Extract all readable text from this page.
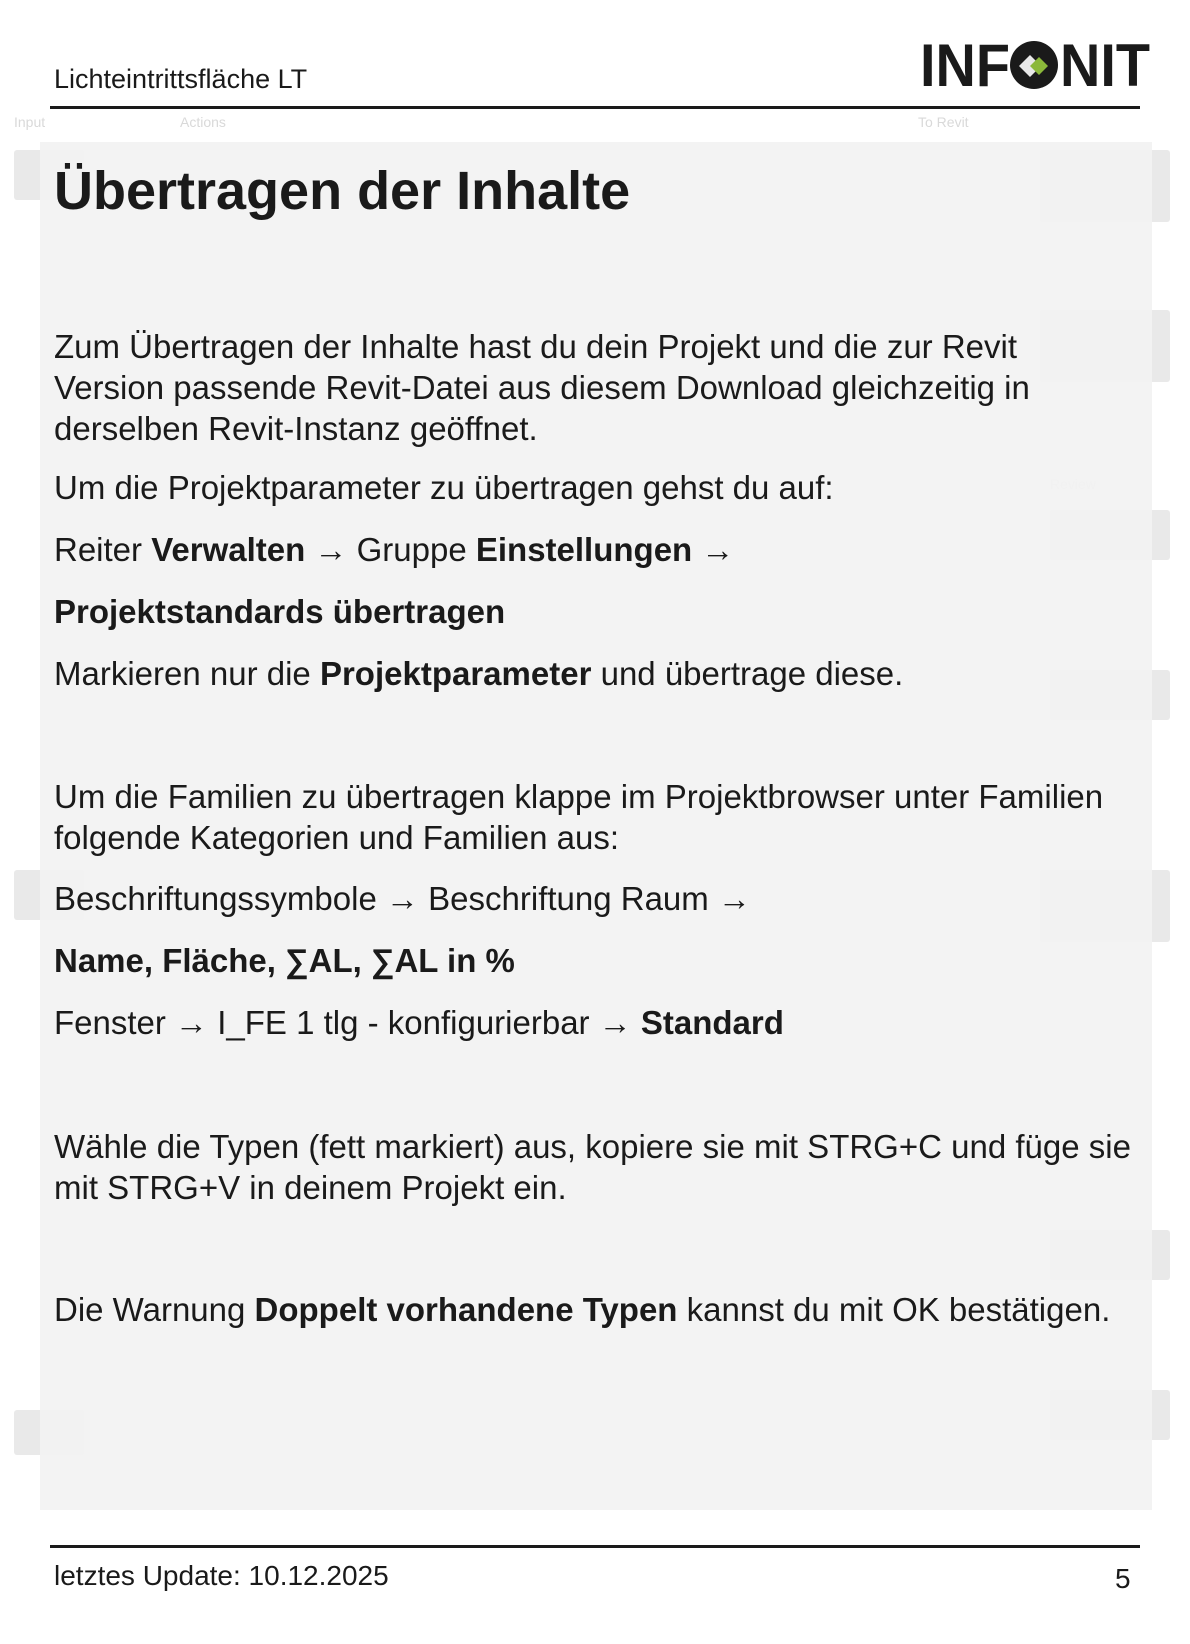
Input	Actions	To Revit
Lichteintrittsfläche LT	INF NIT
Übertragen der Inhalte

Zum Übertragen der Inhalte hast du dein Projekt und die zur Revit Version passende Revit-Datei aus diesem Download gleichzeitig in derselben Revit-Instanz geöffnet.

Um die Projektparameter zu übertragen gehst du auf:

Reiter Verwalten → Gruppe Einstellungen →

Projektstandards übertragen

Markieren nur die Projektparameter und übertrage diese.

Um die Familien zu übertragen klappe im Projektbrowser unter Familien folgende Kategorien und Familien aus:

Beschriftungssymbole → Beschriftung Raum →

Name, Fläche, ∑AL, ∑AL in %

Fenster → I_FE 1 tlg - konfigurierbar → Standard

Wähle die Typen (fett markiert) aus, kopiere sie mit STRG+C und füge sie mit STRG+V in deinem Projekt ein.

Die Warnung Doppelt vorhandene Typen kannst du mit OK bestätigen.

letztes Update: 10.12.2025	5
